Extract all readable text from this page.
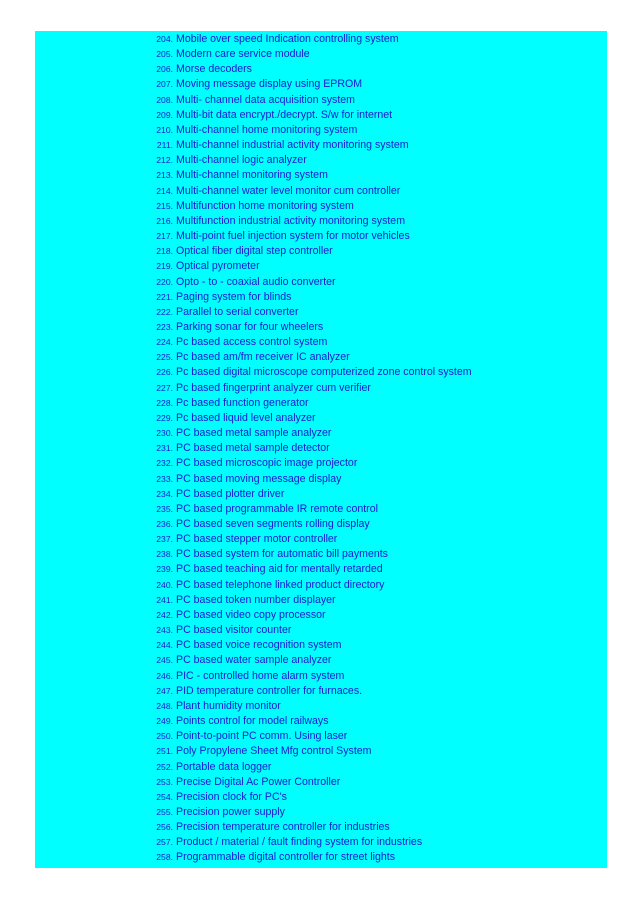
204. Mobile over speed Indication controlling system
205. Modern care service module
206. Morse decoders
207. Moving message display using EPROM
208. Multi- channel data acquisition system
209. Multi-bit data encrypt./decrypt. S/w for internet
210. Multi-channel home monitoring system
211. Multi-channel industrial activity monitoring system
212. Multi-channel logic analyzer
213. Multi-channel monitoring system
214. Multi-channel water level monitor cum controller
215. Multifunction home monitoring system
216. Multifunction industrial activity monitoring system
217. Multi-point fuel injection system for motor vehicles
218. Optical fiber digital step controller
219. Optical pyrometer
220. Opto - to - coaxial audio converter
221. Paging system for blinds
222. Parallel to serial converter
223. Parking sonar for four wheelers
224. Pc based access control system
225. Pc based am/fm receiver IC analyzer
226. Pc based digital microscope computerized zone control system
227. Pc based fingerprint analyzer cum verifier
228. Pc based function generator
229. Pc based liquid level analyzer
230. PC based metal sample analyzer
231. PC based metal sample detector
232. PC based microscopic image projector
233. PC based moving message display
234. PC based plotter driver
235. PC based programmable IR remote control
236. PC based seven segments rolling display
237. PC based stepper motor controller
238. PC based system for automatic bill payments
239. PC based teaching aid for mentally retarded
240. PC based telephone linked product directory
241. PC based token number displayer
242. PC based video copy processor
243. PC based visitor counter
244. PC based voice recognition system
245. PC based water sample analyzer
246. PIC - controlled home alarm system
247. PID temperature controller for furnaces.
248. Plant humidity monitor
249. Points control for model railways
250. Point-to-point PC comm. Using laser
251. Poly Propylene Sheet Mfg control System
252. Portable data logger
253. Precise Digital Ac Power Controller
254. Precision clock for PC's
255. Precision power supply
256. Precision temperature controller for industries
257. Product / material / fault finding system for industries
258. Programmable digital controller for street lights
